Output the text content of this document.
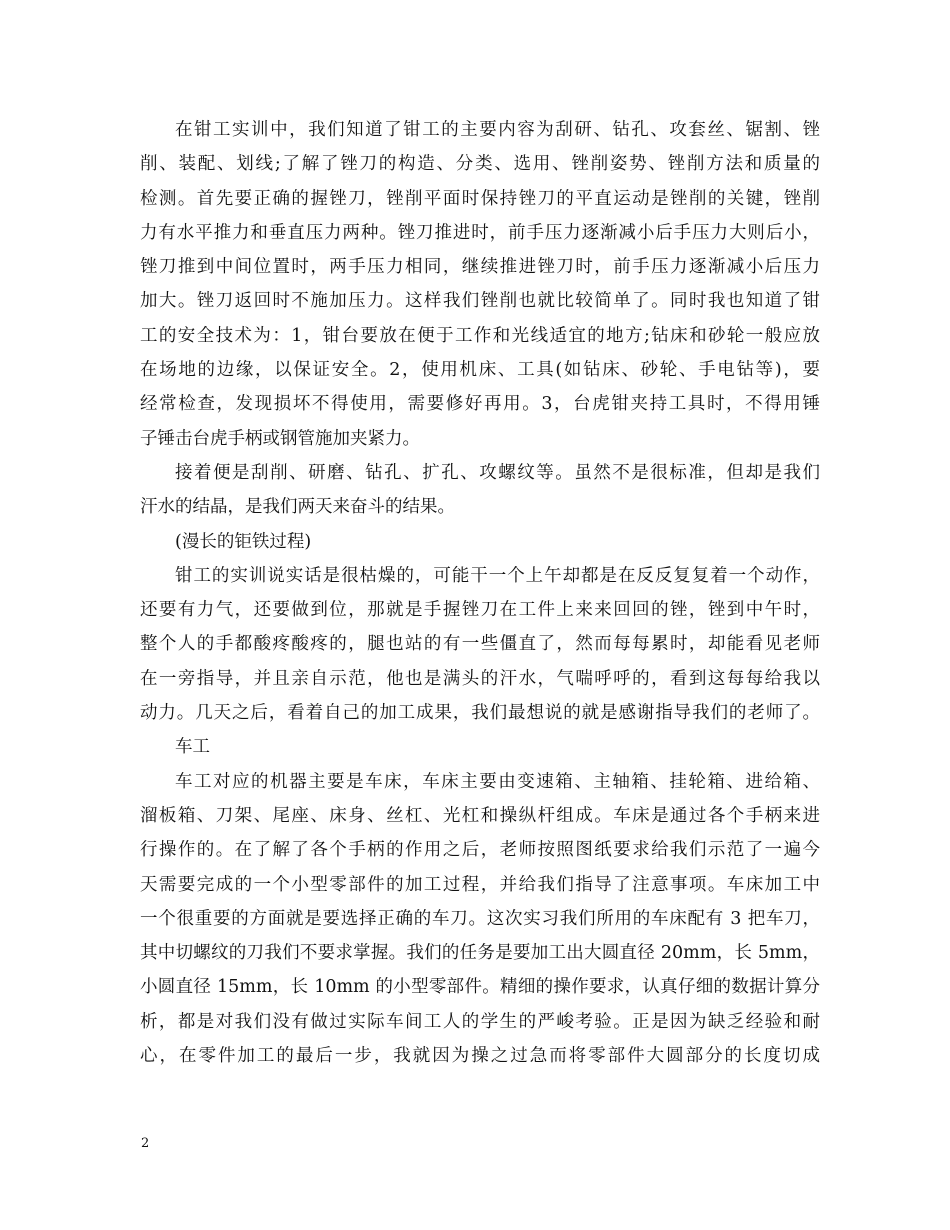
在钳工实训中，我们知道了钳工的主要内容为刮研、钻孔、攻套丝、锯割、锉
削、装配、划线;了解了锉刀的构造、分类、选用、锉削姿势、锉削方法和质量的
检测。首先要正确的握锉刀，锉削平面时保持锉刀的平直运动是锉削的关键，锉削
力有水平推力和垂直压力两种。锉刀推进时，前手压力逐渐减小后手压力大则后小，
锉刀推到中间位置时，两手压力相同，继续推进锉刀时，前手压力逐渐减小后压力
加大。锉刀返回时不施加压力。这样我们锉削也就比较简单了。同时我也知道了钳
工的安全技术为：1，钳台要放在便于工作和光线适宜的地方;钻床和砂轮一般应放
在场地的边缘，以保证安全。2，使用机床、工具(如钻床、砂轮、手电钻等)，要
经常检查，发现损坏不得使用，需要修好再用。3，台虎钳夹持工具时，不得用锤
子锤击台虎手柄或钢管施加夹紧力。
接着便是刮削、研磨、钻孔、扩孔、攻螺纹等。虽然不是很标准，但却是我们
汗水的结晶，是我们两天来奋斗的结果。
(漫长的钜铁过程)
钳工的实训说实话是很枯燥的，可能干一个上午却都是在反反复复着一个动作，
还要有力气，还要做到位，那就是手握锉刀在工件上来来回回的锉，锉到中午时，
整个人的手都酸疼酸疼的，腿也站的有一些僵直了，然而每每累时，却能看见老师
在一旁指导，并且亲自示范，他也是满头的汗水，气喘呼呼的，看到这每每给我以
动力。几天之后，看着自己的加工成果，我们最想说的就是感谢指导我们的老师了。
车工
车工对应的机器主要是车床，车床主要由变速箱、主轴箱、挂轮箱、进给箱、
溜板箱、刀架、尾座、床身、丝杠、光杠和操纵杆组成。车床是通过各个手柄来进
行操作的。在了解了各个手柄的作用之后，老师按照图纸要求给我们示范了一遍今
天需要完成的一个小型零部件的加工过程，并给我们指导了注意事项。车床加工中
一个很重要的方面就是要选择正确的车刀。这次实习我们所用的车床配有 3 把车刀，
其中切螺纹的刀我们不要求掌握。我们的任务是要加工出大圆直径 20mm，长 5mm，
小圆直径 15mm，长 10mm 的小型零部件。精细的操作要求，认真仔细的数据计算分
析，都是对我们没有做过实际车间工人的学生的严峻考验。正是因为缺乏经验和耐
心，在零件加工的最后一步，我就因为操之过急而将零部件大圆部分的长度切成
2
